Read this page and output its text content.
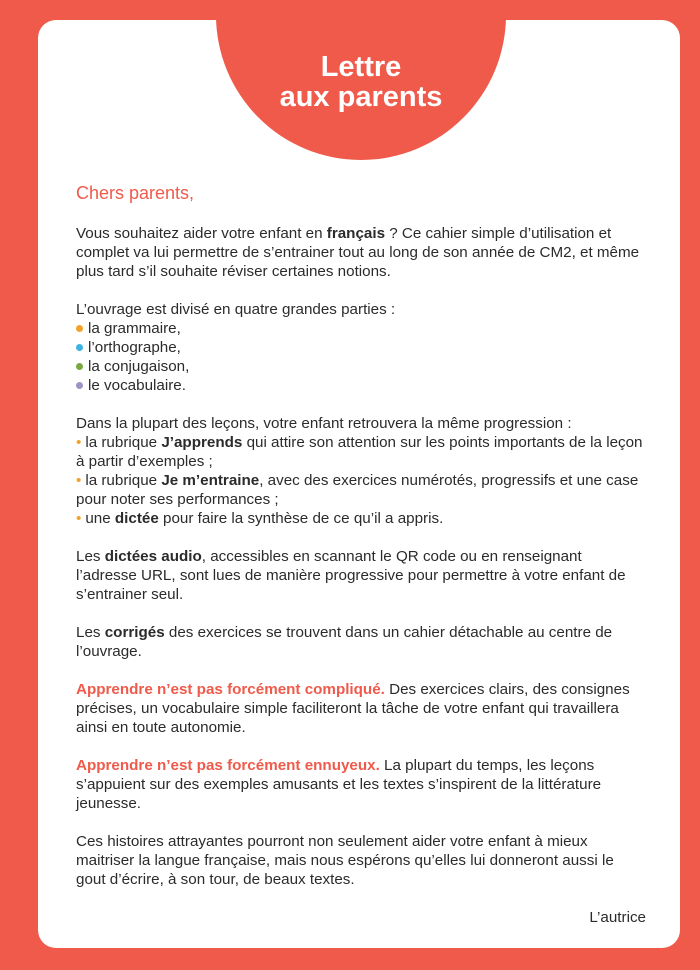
Lettre
aux parents
Chers parents,

Vous souhaitez aider votre enfant en français ? Ce cahier simple d’utilisation et complet va lui permettre de s’entrainer tout au long de son année de CM2, et même plus tard s’il souhaite réviser certaines notions.

L’ouvrage est divisé en quatre grandes parties :
la grammaire,
l’orthographe,
la conjugaison,
le vocabulaire.
Dans la plupart des leçons, votre enfant retrouvera la même progression :
• la rubrique J’apprends qui attire son attention sur les points importants de la leçon à partir d’exemples ;
• la rubrique Je m’entraine, avec des exercices numérotés, progressifs et une case pour noter ses performances ;
• une dictée pour faire la synthèse de ce qu’il a appris.

Les dictées audio, accessibles en scannant le QR code ou en renseignant l’adresse URL, sont lues de manière progressive pour permettre à votre enfant de s’entrainer seul.

Les corrigés des exercices se trouvent dans un cahier détachable au centre de l’ouvrage.

Apprendre n’est pas forcément compliqué. Des exercices clairs, des consignes précises, un vocabulaire simple faciliteront la tâche de votre enfant qui travaillera ainsi en toute autonomie.

Apprendre n’est pas forcément ennuyeux. La plupart du temps, les leçons s’appuient sur des exemples amusants et les textes s’inspirent de la littérature jeunesse.

Ces histoires attrayantes pourront non seulement aider votre enfant à mieux maitriser la langue française, mais nous espérons qu’elles lui donneront aussi le gout d’écrire, à son tour, de beaux textes.

L’autrice
